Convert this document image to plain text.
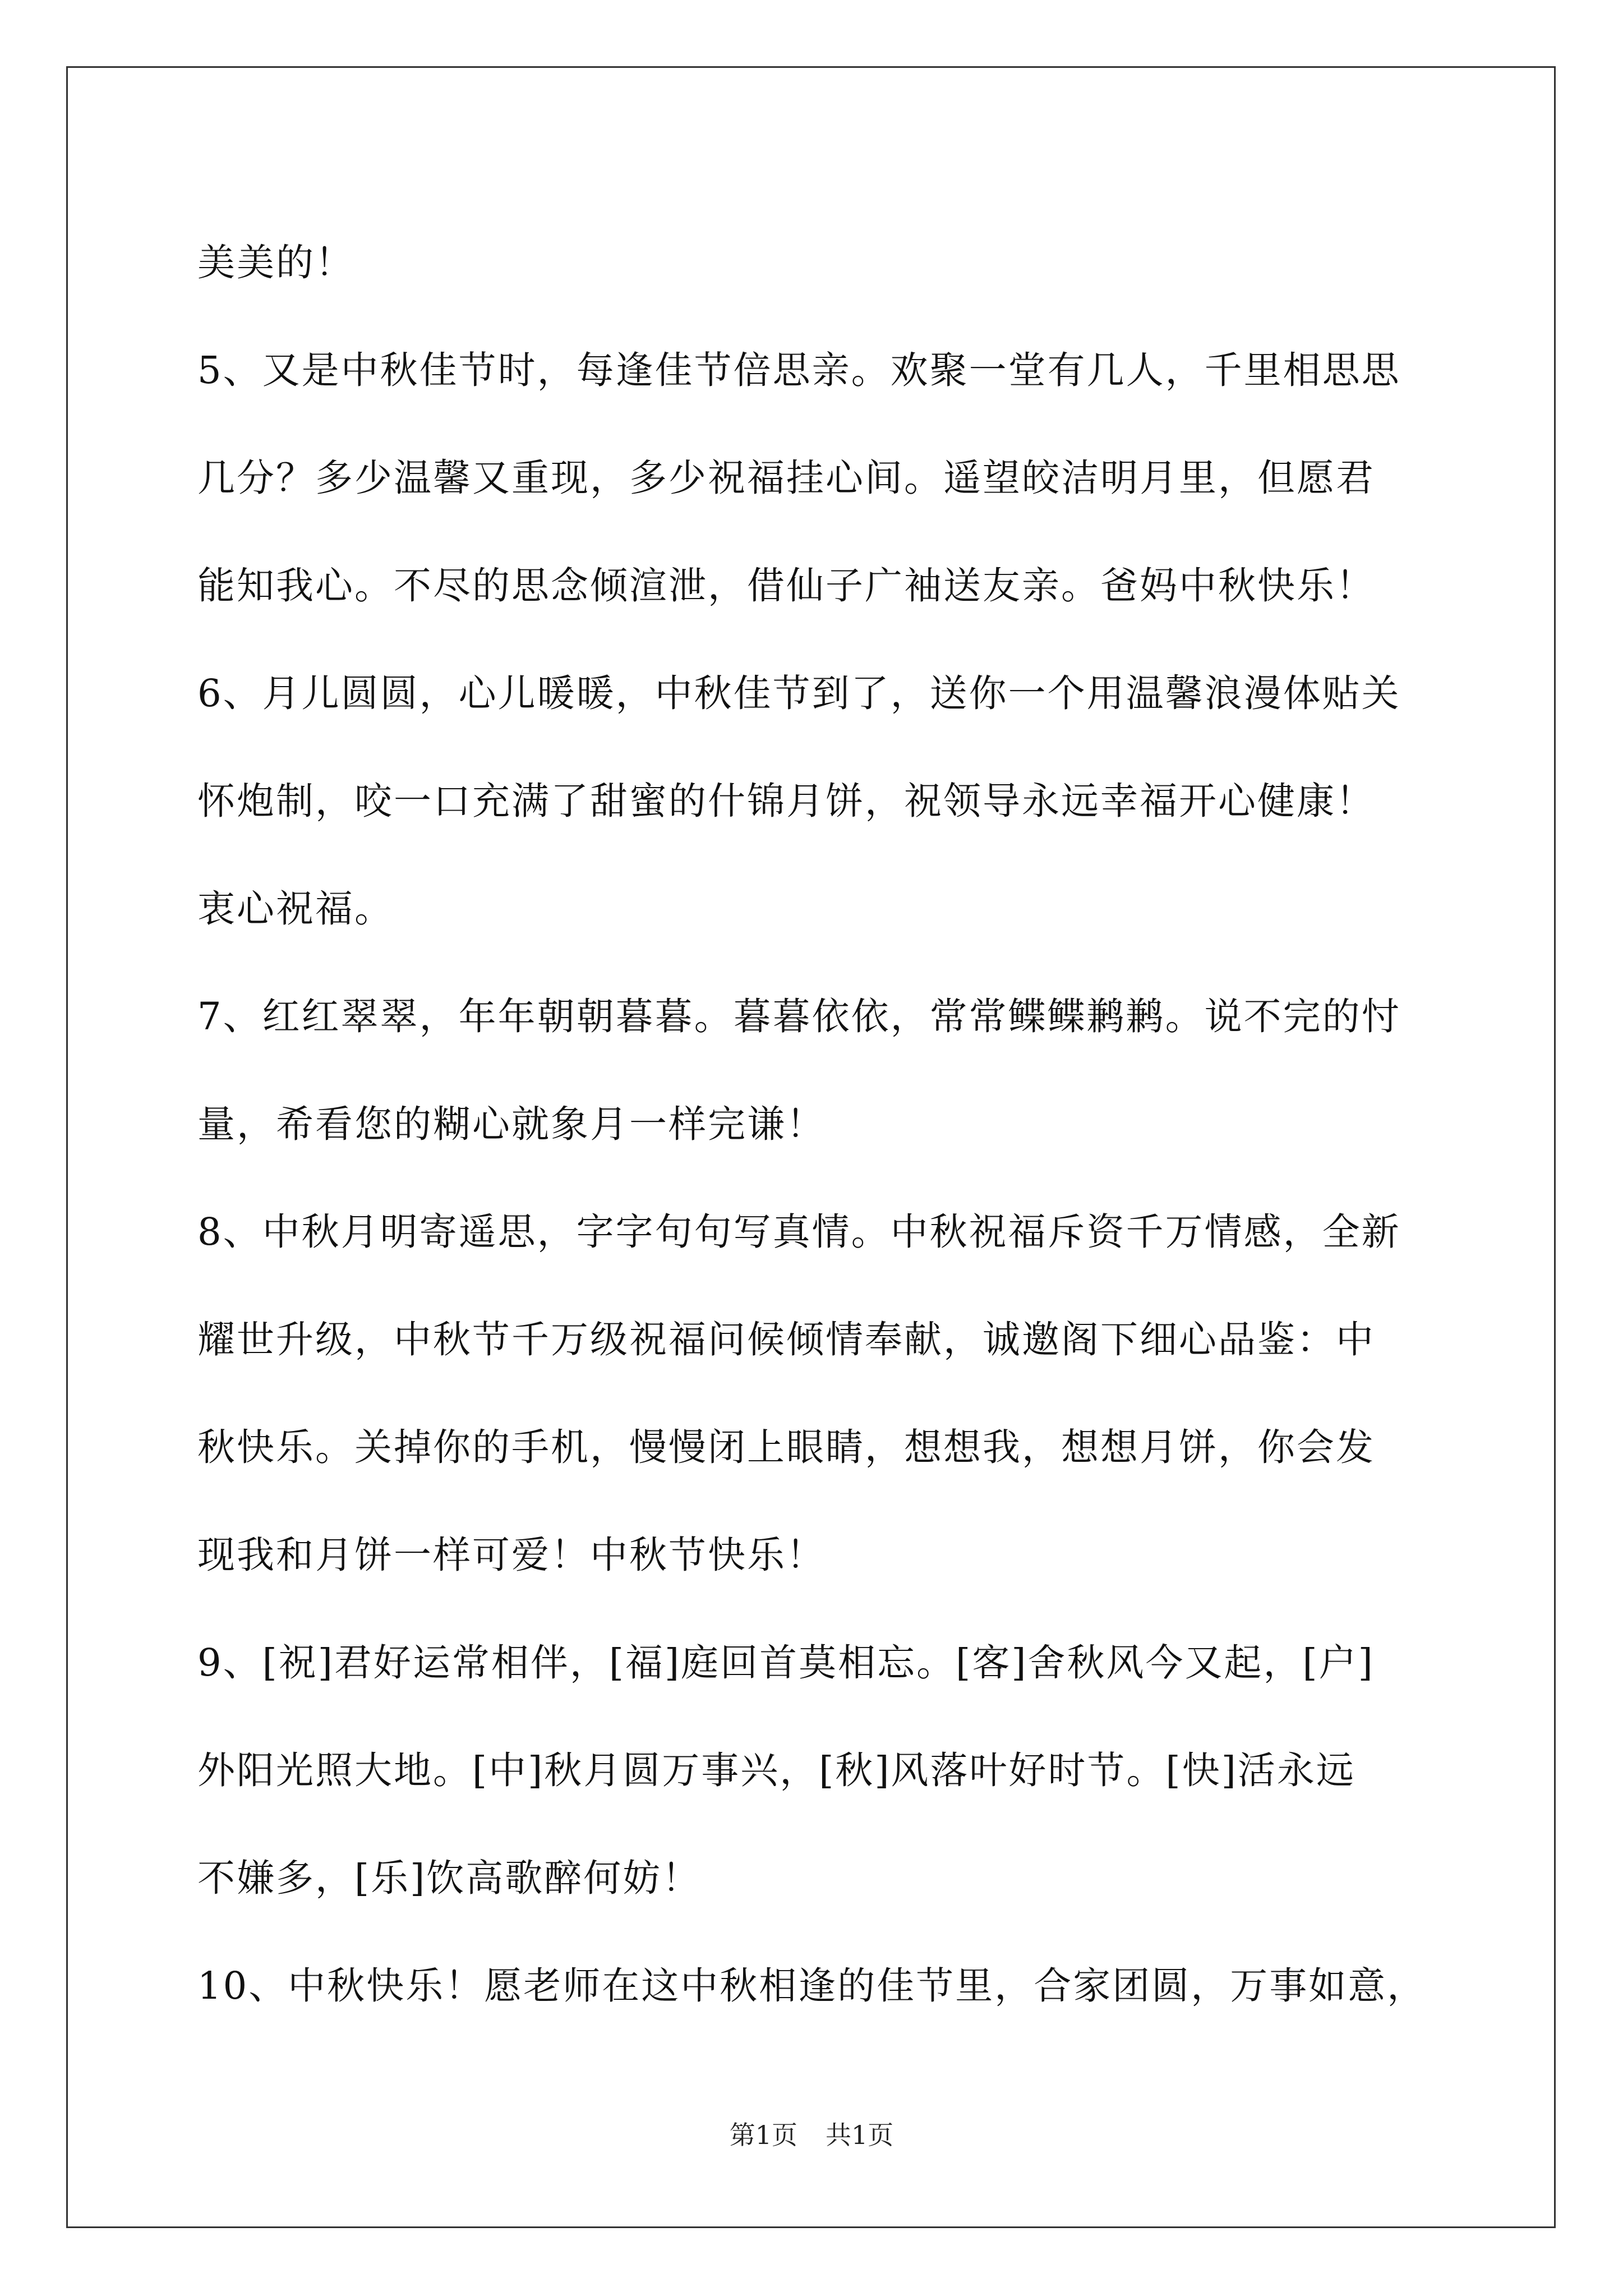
美美的！
5、又是中秋佳节时，每逢佳节倍思亲。欢聚一堂有几人，千里相思思
几分？多少温馨又重现，多少祝福挂心间。遥望皎洁明月里，但愿君
能知我心。不尽的思念倾渲泄，借仙子广袖送友亲。爸妈中秋快乐！
6、月儿圆圆，心儿暖暖，中秋佳节到了，送你一个用温馨浪漫体贴关
怀炮制，咬一口充满了甜蜜的什锦月饼，祝领导永远幸福开心健康！
衷心祝福。
7、红红翠翠，年年朝朝暮暮。暮暮依依，常常鲽鲽鹣鹣。说不完的忖
量，希看您的糊心就象月一样完谦！
8、中秋月明寄遥思，字字句句写真情。中秋祝福斥资千万情感，全新
耀世升级，中秋节千万级祝福问候倾情奉献，诚邀阁下细心品鉴：中
秋快乐。关掉你的手机，慢慢闭上眼睛，想想我，想想月饼，你会发
现我和月饼一样可爱！中秋节快乐！
9、[祝]君好运常相伴，[福]庭回首莫相忘。[客]舍秋风今又起，[户]
外阳光照大地。[中]秋月圆万事兴，[秋]风落叶好时节。[快]活永远
不嫌多，[乐]饮高歌醉何妨！
10、中秋快乐！愿老师在这中秋相逢的佳节里，合家团圆，万事如意，
第1页 共1页
